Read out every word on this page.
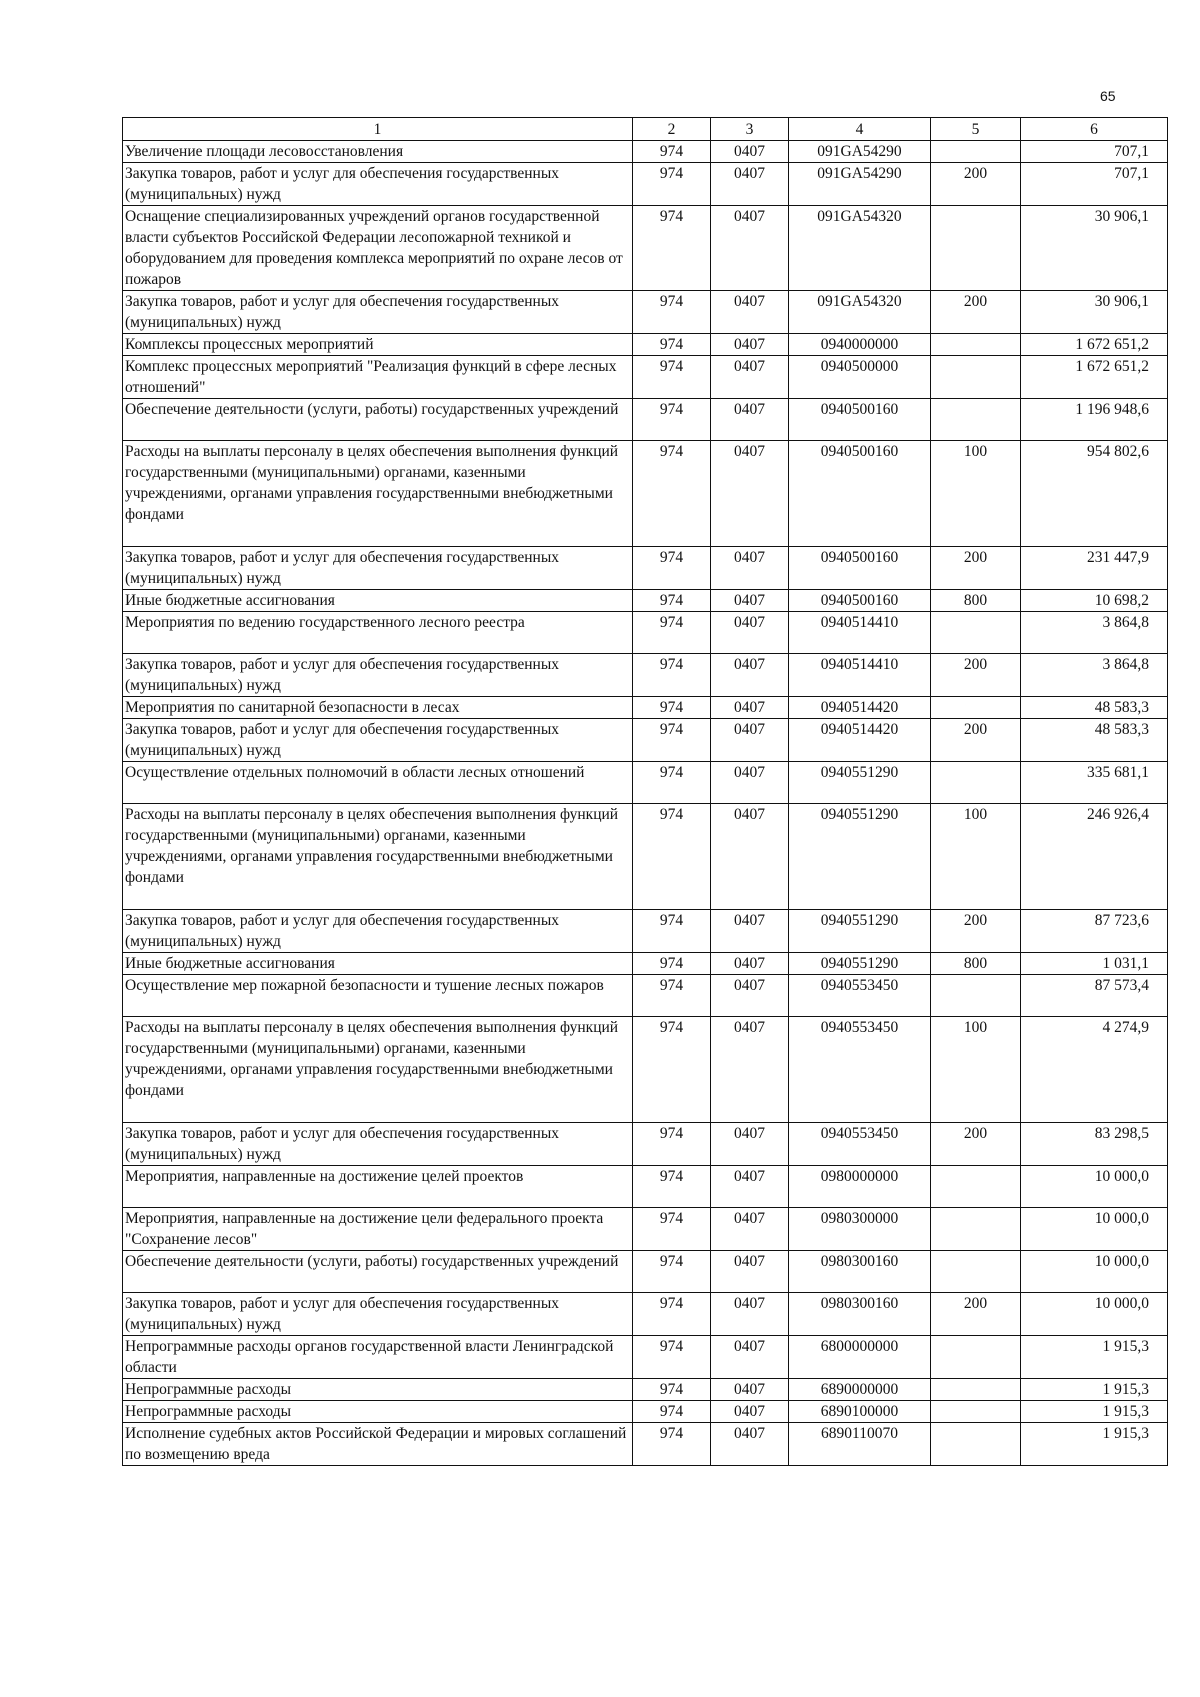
65
1	2	3	4	5	6
Увеличение площади лесовосстановления	974	0407	091GA54290		707,1
Закупка товаров, работ и услуг для обеспечения государственных (муниципальных) нужд	974	0407	091GA54290	200	707,1
Оснащение специализированных учреждений органов государственной власти субъектов Российской Федерации лесопожарной техникой и оборудованием для проведения комплекса мероприятий по охране лесов от пожаров	974	0407	091GA54320		30 906,1
Закупка товаров, работ и услуг для обеспечения государственных (муниципальных) нужд	974	0407	091GA54320	200	30 906,1
Комплексы процессных мероприятий	974	0407	0940000000		1 672 651,2
Комплекс процессных мероприятий "Реализация функций в сфере лесных отношений"	974	0407	0940500000		1 672 651,2
Обеспечение деятельности (услуги, работы) государственных учреждений	974	0407	0940500160		1 196 948,6
Расходы на выплаты персоналу в целях обеспечения выполнения функций государственными (муниципальными) органами, казенными учреждениями, органами управления государственными внебюджетными фондами	974	0407	0940500160	100	954 802,6
Закупка товаров, работ и услуг для обеспечения государственных (муниципальных) нужд	974	0407	0940500160	200	231 447,9
Иные бюджетные ассигнования	974	0407	0940500160	800	10 698,2
Мероприятия по ведению государственного лесного реестра	974	0407	0940514410		3 864,8
Закупка товаров, работ и услуг для обеспечения государственных (муниципальных) нужд	974	0407	0940514410	200	3 864,8
Мероприятия по санитарной безопасности в лесах	974	0407	0940514420		48 583,3
Закупка товаров, работ и услуг для обеспечения государственных (муниципальных) нужд	974	0407	0940514420	200	48 583,3
Осуществление отдельных полномочий в области лесных отношений	974	0407	0940551290		335 681,1
Расходы на выплаты персоналу в целях обеспечения выполнения функций государственными (муниципальными) органами, казенными учреждениями, органами управления государственными внебюджетными фондами	974	0407	0940551290	100	246 926,4
Закупка товаров, работ и услуг для обеспечения государственных (муниципальных) нужд	974	0407	0940551290	200	87 723,6
Иные бюджетные ассигнования	974	0407	0940551290	800	1 031,1
Осуществление мер пожарной безопасности и тушение лесных пожаров	974	0407	0940553450		87 573,4
Расходы на выплаты персоналу в целях обеспечения выполнения функций государственными (муниципальными) органами, казенными учреждениями, органами управления государственными внебюджетными фондами	974	0407	0940553450	100	4 274,9
Закупка товаров, работ и услуг для обеспечения государственных (муниципальных) нужд	974	0407	0940553450	200	83 298,5
Мероприятия, направленные на достижение целей проектов	974	0407	0980000000		10 000,0
Мероприятия, направленные на достижение цели федерального проекта "Сохранение лесов"	974	0407	0980300000		10 000,0
Обеспечение деятельности (услуги, работы) государственных учреждений	974	0407	0980300160		10 000,0
Закупка товаров, работ и услуг для обеспечения государственных (муниципальных) нужд	974	0407	0980300160	200	10 000,0
Непрограммные расходы органов государственной власти Ленинградской области	974	0407	6800000000		1 915,3
Непрограммные расходы	974	0407	6890000000		1 915,3
Непрограммные расходы	974	0407	6890100000		1 915,3
Исполнение судебных актов Российской Федерации и мировых соглашений по возмещению вреда	974	0407	6890110070		1 915,3
